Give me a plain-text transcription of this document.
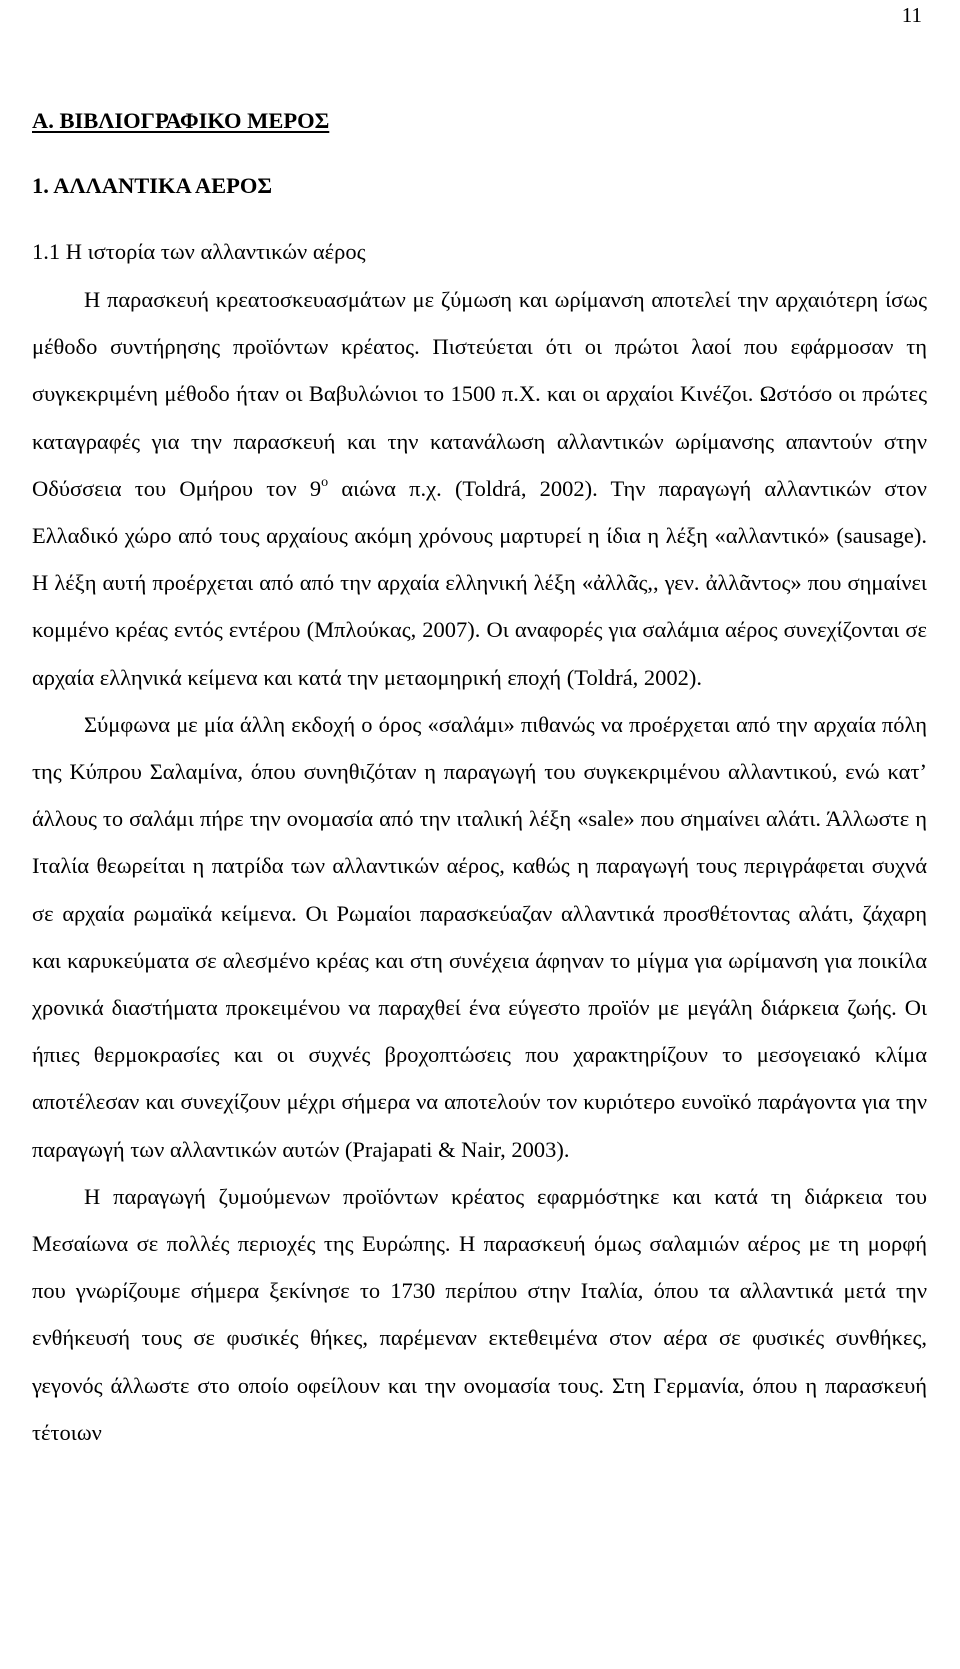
11
Α. ΒΙΒΛΙΟΓΡΑΦΙΚΟ ΜΕΡΟΣ
1. ΑΛΛΑΝΤΙΚΑ ΑΕΡΟΣ
1.1 Η ιστορία των αλλαντικών αέρος

Η παρασκευή κρεατοσκευασμάτων με ζύμωση και ωρίμανση αποτελεί την αρχαιότερη ίσως μέθοδο συντήρησης προϊόντων κρέατος. Πιστεύεται ότι οι πρώτοι λαοί που εφάρμοσαν τη συγκεκριμένη μέθοδο ήταν οι Βαβυλώνιοι το 1500 π.Χ. και οι αρχαίοι Κινέζοι. Ωστόσο οι πρώτες καταγραφές για την παρασκευή και την κατανάλωση αλλαντικών ωρίμανσης απαντούν στην Οδύσσεια του Ομήρου τον $9^o$ αιώνα π.χ. (Toldrá, 2002). Την παραγωγή αλλαντικών στον Ελλαδικό χώρο από τους αρχαίους ακόμη χρόνους μαρτυρεί η ίδια η λέξη «αλλαντικό» (sausage). Η λέξη αυτή προέρχεται από από την αρχαία ελληνική λέξη «ἀλλᾶς,, γεν. ἀλλᾶντος» που σημαίνει κομμένο κρέας εντός εντέρου (Μπλούκας, 2007). Οι αναφορές για σαλάμια αέρος συνεχίζονται σε αρχαία ελληνικά κείμενα και κατά την μεταομηρική εποχή (Toldrá, 2002).

Σύμφωνα με μία άλλη εκδοχή ο όρος «σαλάμι» πιθανώς να προέρχεται από την αρχαία πόλη της Κύπρου Σαλαμίνα, όπου συνηθιζόταν η παραγωγή του συγκεκριμένου αλλαντικού, ενώ κατ’ άλλους το σαλάμι πήρε την ονομασία από την ιταλική λέξη «sale» που σημαίνει αλάτι. Άλλωστε η Ιταλία θεωρείται η πατρίδα των αλλαντικών αέρος, καθώς η παραγωγή τους περιγράφεται συχνά σε αρχαία ρωμαϊκά κείμενα. Οι Ρωμαίοι παρασκεύαζαν αλλαντικά προσθέτοντας αλάτι, ζάχαρη και καρυκεύματα σε αλεσμένο κρέας και στη συνέχεια άφηναν το μίγμα για ωρίμανση για ποικίλα χρονικά διαστήματα προκειμένου να παραχθεί ένα εύγεστο προϊόν με μεγάλη διάρκεια ζωής. Οι ήπιες θερμοκρασίες και οι συχνές βροχοπτώσεις που χαρακτηρίζουν το μεσογειακό κλίμα αποτέλεσαν και συνεχίζουν μέχρι σήμερα να αποτελούν τον κυριότερο ευνοϊκό παράγοντα για την παραγωγή των αλλαντικών αυτών (Prajapati & Nair, 2003).

Η παραγωγή ζυμούμενων προϊόντων κρέατος εφαρμόστηκε και κατά τη διάρκεια του Μεσαίωνα σε πολλές περιοχές της Ευρώπης. Η παρασκευή όμως σαλαμιών αέρος με τη μορφή που γνωρίζουμε σήμερα ξεκίνησε το 1730 περίπου στην Ιταλία, όπου τα αλλαντικά μετά την ενθήκευσή τους σε φυσικές θήκες, παρέμεναν εκτεθειμένα στον αέρα σε φυσικές συνθήκες, γεγονός άλλωστε στο οποίο οφείλουν και την ονομασία τους. Στη Γερμανία, όπου η παρασκευή τέτοιων
